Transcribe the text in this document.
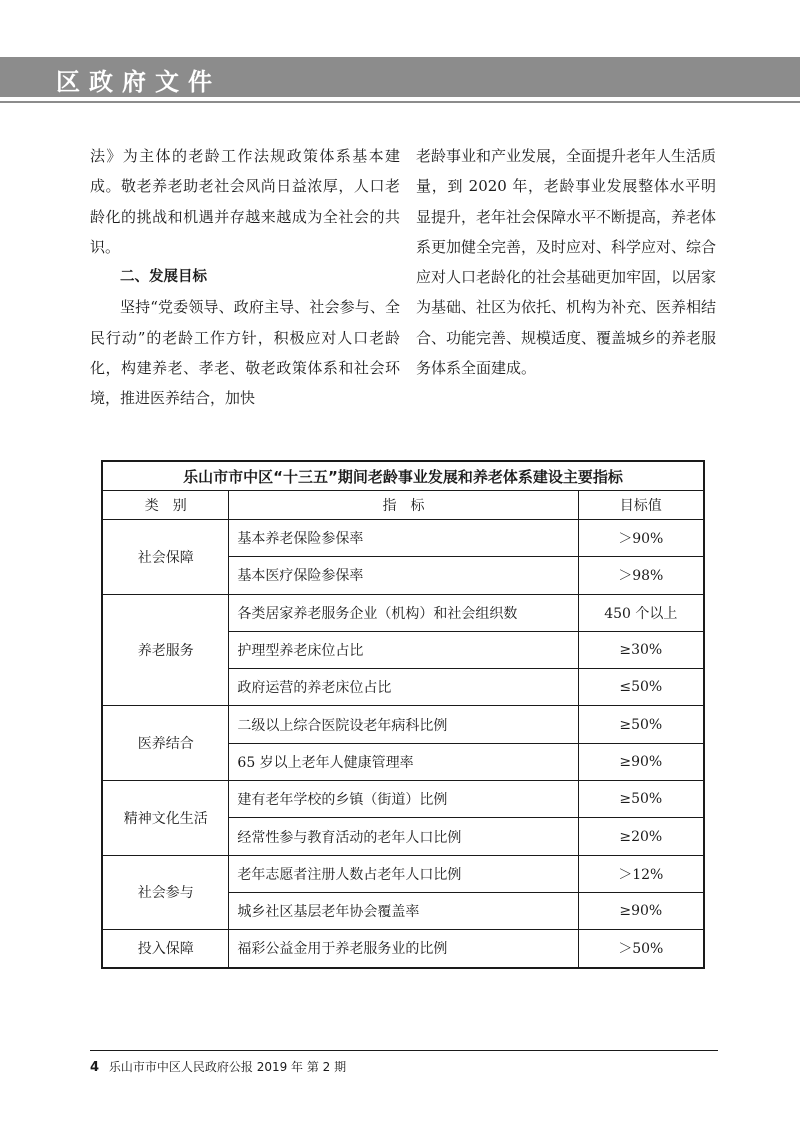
区政府文件

法》为主体的老龄工作法规政策体系基本建成。敬老养老助老社会风尚日益浓厚，人口老龄化的挑战和机遇并存越来越成为全社会的共识。

二、发展目标

坚持“党委领导、政府主导、社会参与、全民行动”的老龄工作方针，积极应对人口老龄化，构建养老、孝老、敬老政策体系和社会环境，推进医养结合，加快

老龄事业和产业发展，全面提升老年人生活质量，到 2020 年，老龄事业发展整体水平明显提升，老年社会保障水平不断提高，养老体系更加健全完善，及时应对、科学应对、综合应对人口老龄化的社会基础更加牢固，以居家为基础、社区为依托、机构为补充、医养相结合、功能完善、规模适度、覆盖城乡的养老服务体系全面建成。

乐山市市中区“十三五”期间老龄事业发展和养老体系建设主要指标		
类　别	指　标	目标值
社会保障	基本养老保险参保率	＞90%
	基本医疗保险参保率	＞98%
养老服务	各类居家养老服务企业（机构）和社会组织数	450 个以上
	护理型养老床位占比	≥30%
	政府运营的养老床位占比	≤50%
医养结合	二级以上综合医院设老年病科比例	≥50%
	65 岁以上老年人健康管理率	≥90%
精神文化生活	建有老年学校的乡镇（街道）比例	≥50%
	经常性参与教育活动的老年人口比例	≥20%
社会参与	老年志愿者注册人数占老年人口比例	＞12%
	城乡社区基层老年协会覆盖率	≥90%
投入保障	福彩公益金用于养老服务业的比例	＞50%
4 乐山市市中区人民政府公报 2019 年 第 2 期
